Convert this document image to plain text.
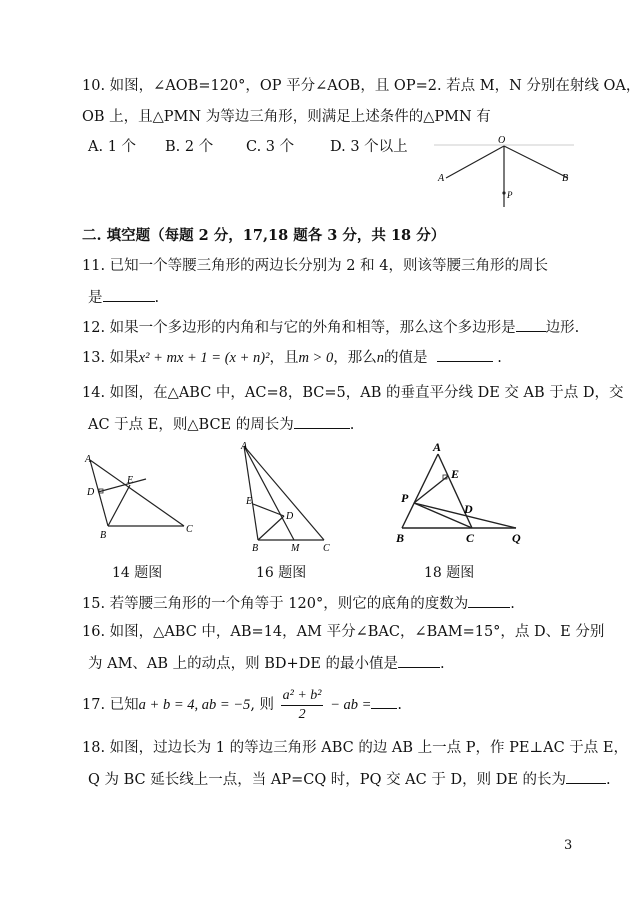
10. 如图，∠AOB=120°，OP 平分∠AOB，且 OP=2. 若点 M，N 分别在射线 OA，
OB 上，且△PMN 为等边三角形，则满足上述条件的△PMN 有
A. 1 个 B. 2 个 C. 3 个 D. 3 个以上	O
A	B
P
二. 填空题（每题 2 分，17,18 题各 3 分，共 18 分）
11. 已知一个等腰三角形的两边长分别为 2 和 4，则该等腰三角形的周长
是	.
12. 如果一个多边形的内角和与它的外角和相等，那么这个多边形是 边形.
13. 如果x² + mx + 1 = (x + n)²，且m > 0，那么n的值是	.
14. 如图，在△ABC 中，AC=8，BC=5，AB 的垂直平分线 DE 交 AB 于点 D，交
AC 于点 E，则△BCE 的周长为	.
A
D
E
B
C
14 题图
A
E
D
B	M C
16 题图
A
E
P
D
B	C	Q
18 题图
15. 若等腰三角形的一个角等于 120°，则它的底角的度数为	.
16. 如图，△ABC 中，AB=14，AM 平分∠BAC，∠BAM=15°，点 D、E 分别
为 AM、AB 上的动点，则 BD+DE 的最小值是	.
17. 已知a + b = 4, ab = −5, 则 $\frac{\text{a² + b²}}{2}$ − ab = .
18. 如图，过边长为 1 的等边三角形 ABC 的边 AB 上一点 P，作 PE⊥AC 于点 E，
Q 为 BC 延长线上一点，当 AP=CQ 时，PQ 交 AC 于 D，则 DE 的长为	.
3
